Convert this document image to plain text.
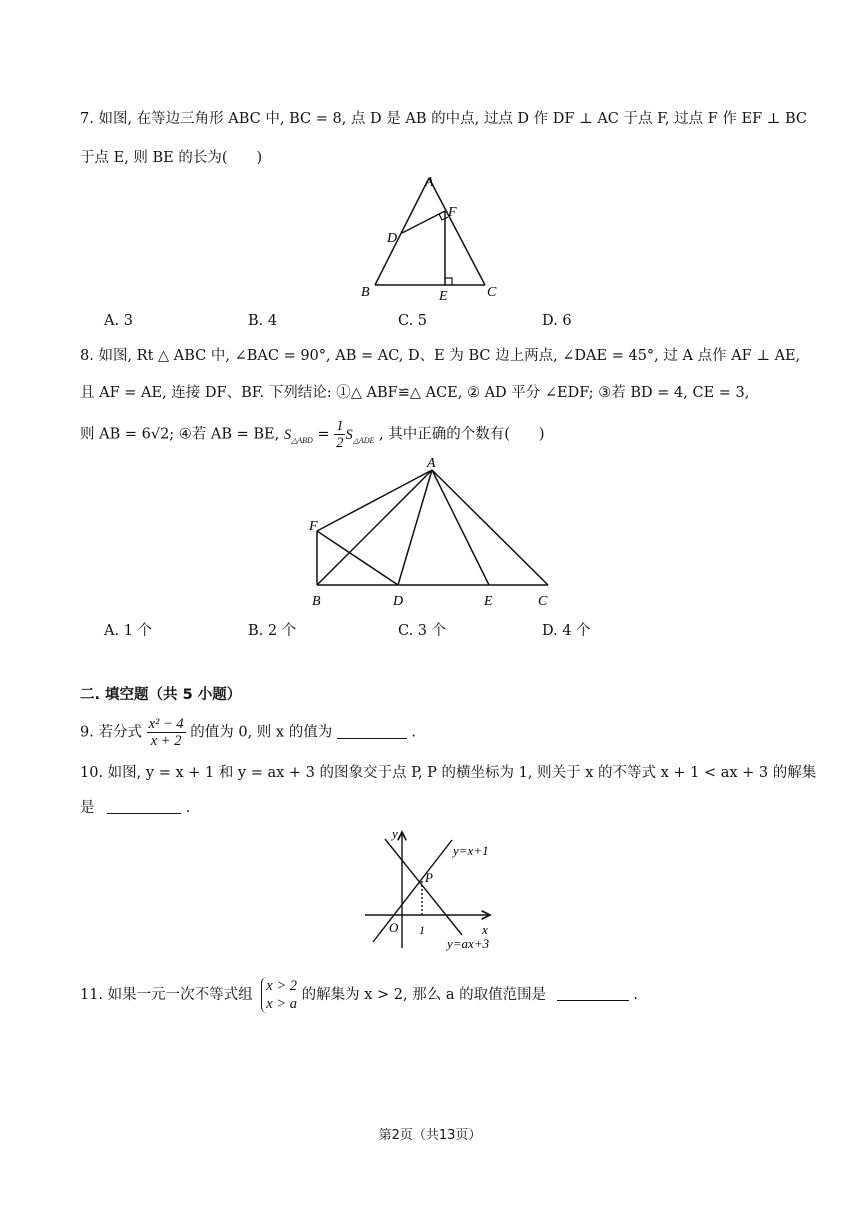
7. 如图, 在等边三角形 ABC 中, BC = 8, 点 D 是 AB 的中点, 过点 D 作 DF ⊥ AC 于点 F, 过点 F 作 EF ⊥ BC
于点 E, 则 BE 的长为(　　)
A
B	C
D
E
F
A. 3	B. 4	C. 5	D. 6
8. 如图, Rt △ ABC 中, ∠BAC = 90°, AB = AC, D、E 为 BC 边上两点, ∠DAE = 45°, 过 A 点作 AF ⊥ AE,
且 AF = AE, 连接 DF、BF. 下列结论: ①△ ABF≌△ ACE, ② AD 平分 ∠EDF; ③若 BD = 4, CE = 3,
则 AB = 6√2; ④若 AB = BE, $S_{\triangle ABD} = \frac{1}{2} S_{\triangle ADE}$ , 其中正确的个数有(　　)
A
B	D	E	C
F
A. 1 个	B. 2 个	C. 3 个	D. 4 个
二. 填空题（共 5 小题）
9. 若分式 $\frac{\text{x² − 4}}{x + 2}$ 的值为 0, 则 x 的值为	.
10. 如图, y = x + 1 和 y = ax + 3 的图象交于点 P, P 的横坐标为 1, 则关于 x 的不等式 x + 1 < ax + 3 的解集
是	.
y
x
O 1
P
y=x+1
y=ax+3
11. 如果一元一次不等式组
x > 2
x > a
的解集为 x > 2, 那么 a 的取值范围是	.
第2页（共13页）
